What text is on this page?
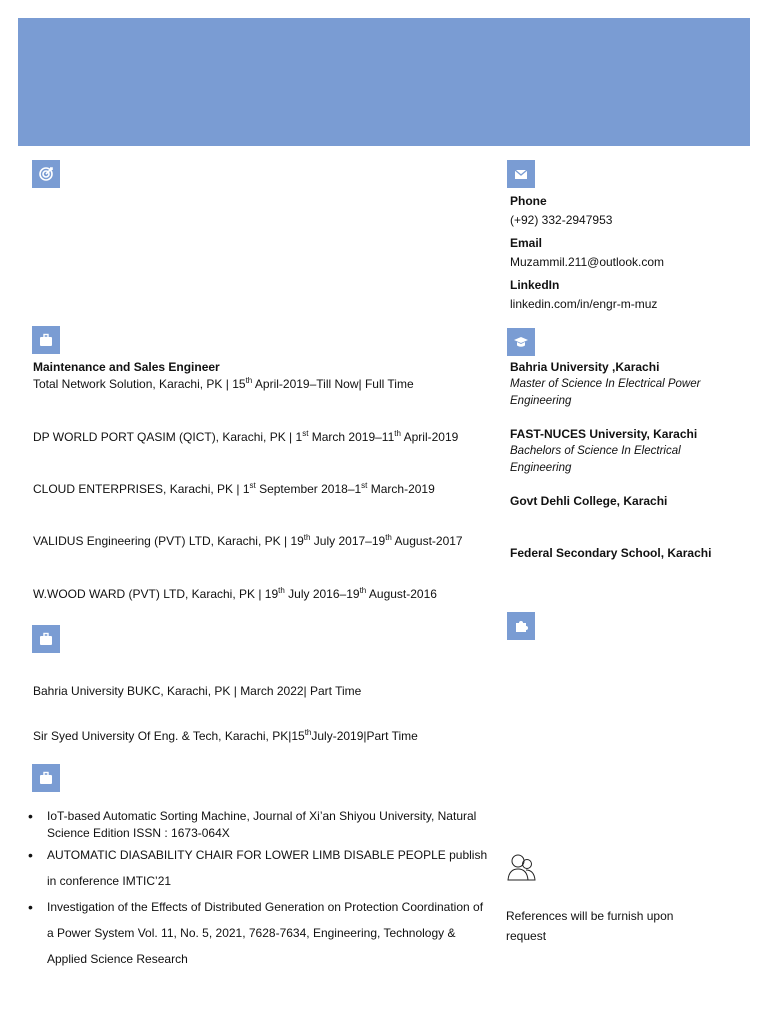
Maintenance and Sales Engineer
Total Network Solution, Karachi, PK | 15th April-2019–Till Now| Full Time
DP WORLD PORT QASIM (QICT), Karachi, PK | 1st March 2019–11th April-2019
CLOUD ENTERPRISES, Karachi, PK | 1st September 2018–1st March-2019
VALIDUS Engineering (PVT) LTD, Karachi, PK | 19th July 2017–19th August-2017
W.WOOD WARD (PVT) LTD, Karachi, PK | 19th July 2016–19th August-2016
Bahria University BUKC, Karachi, PK | March 2022| Part Time
Sir Syed University Of Eng. & Tech, Karachi, PK|15thJuly-2019|Part Time
• IoT-based Automatic Sorting Machine, Journal of Xi’an Shiyou University, Natural Science Edition ISSN : 1673-064X
• AUTOMATIC DIASABILITY CHAIR FOR LOWER LIMB DISABLE PEOPLE publish in conference IMTIC’21
• Investigation of the Effects of Distributed Generation on Protection Coordination of a Power System Vol. 11, No. 5, 2021, 7628-7634, Engineering, Technology & Applied Science Research
Phone
(+92) 332-2947953
Email
Muzammil.211@outlook.com
LinkedIn
linkedin.com/in/engr-m-muz
Bahria University ,Karachi
Master of Science In Electrical Power Engineering
FAST-NUCES University, Karachi
Bachelors of Science In Electrical Engineering
Govt Dehli College, Karachi
Federal Secondary School, Karachi
References will be furnish upon request
